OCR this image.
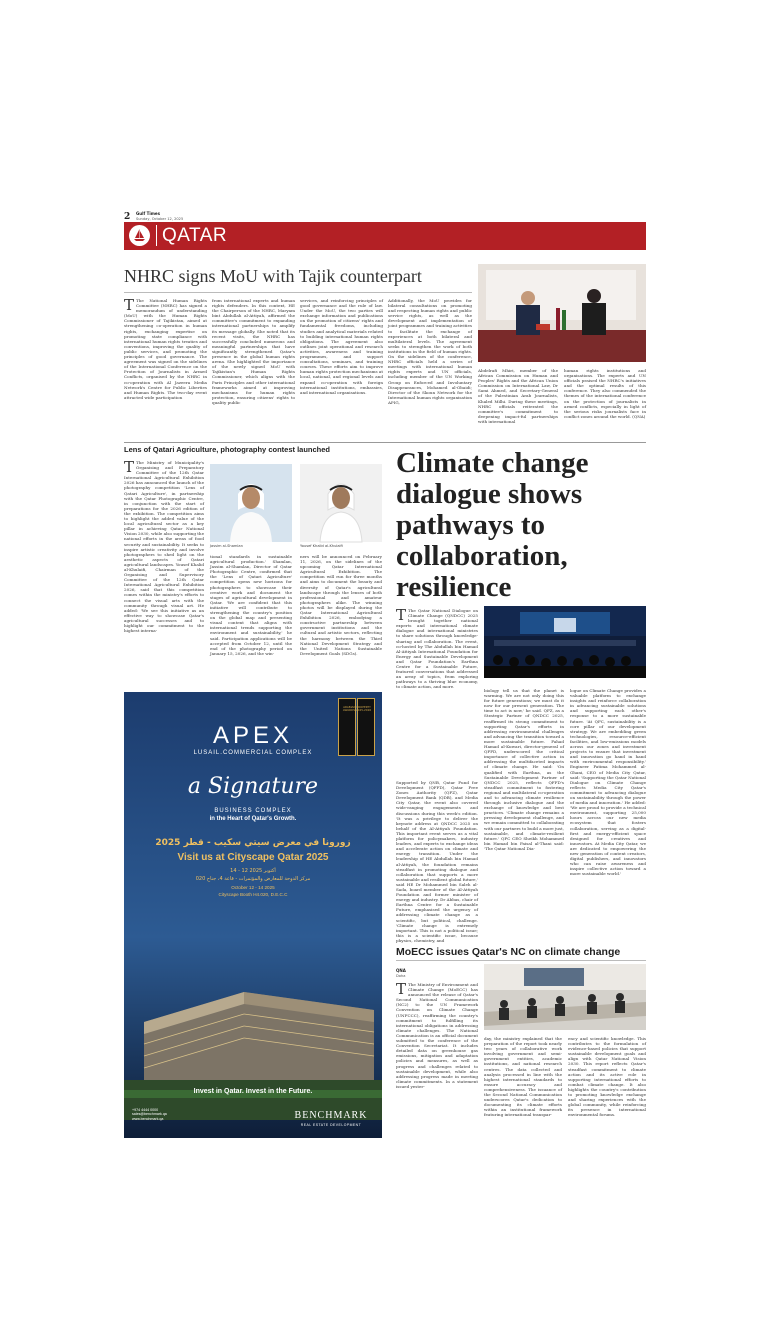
2 Gulf Times
Sunday, October 12, 2025
QATAR
NHRC signs MoU with Tajik counterpart
T The National Human Rights Committee (NHRC) has signed a memorandum of understanding (MoU) with the Human Rights Commissioner of Tajikistan, aimed at strengthening co-operation in human rights, exchanging expertise on promoting state compliance with international human rights treaties and conventions, improving the quality of public services, and promoting the principles of good governance. The agreement was signed on the sidelines of the International Conference on the Protection of Journalists in Armed Conflicts, organised by the NHRC in co-operation with Al Jazeera Media Network's Centre for Public Liberties and Human Rights. The two-day event attracted wide participation
from international experts and human rights defenders. In this context, HE the Chairperson of the NHRC, Maryam bint Abdullah al-Attiyah, affirmed the committee's commitment to expanding international partnerships to amplify its message globally. She noted that its recent visits, the NHRC has successfully concluded numerous and meaningful partnerships that have significantly strengthened Qatar's presence in the global human rights arena. She highlighted the importance of the newly signed MoU with Tajikistan's Human Rights Commissioner, which aligns with the Paris Principles and other international frameworks aimed at improving mechanisms for human rights protection, ensuring citizens' rights to quality public
services, and reinforcing principles of good governance and the rule of law. Under the MoU, the two parties will exchange information and publications on the promotion of citizens' rights and fundamental freedoms, including studies and analytical materials related to building international human rights obligations. The agreement also outlines joint operational and research activities, awareness and training programmes, and support consultations, seminars, and training courses. These efforts aim to improve human rights protection mechanisms at local, national, and regional levels and expand co-operation with foreign international institutions, embassies, and international organisations.
Additionally, the MoU provides for bilateral consultations on promoting and respecting human rights and public service rights, as well as the development and implementation of joint programmes and training activities to facilitate the exchange of experiences at both bilateral and multilateral levels. The agreement seeks to strengthen the work of both institutions in the field of human rights. On the sidelines of the conference, NHRC officials held a series of meetings with international human rights experts and UN officials, including member of the UN Working Group on Enforced and Involuntary Disappearances, Mohamed al-Obaidi; Director of the Skoun Network for the International human rights organisation APIG,
Abdelrafi Mhiri, member of the African Commission on Human and Peoples' Rights and the African Union Commission on International Law, Dr Sami Ahmed, and Secretary-General of the Palestinian Arab Journalists, Khaled Milhi. During these meetings, NHRC officials reiterated the committee's commitment to deepening impact-ful partnerships with international
human rights institutions and organisations. The experts and UN officials praised the NHRC's initiatives and the optimal results of this conference. They also commended the themes of the international conference on the protection of journalists in armed conflicts, especially in light of the serious risks journalists face in conflict zones around the world. (QNA)
Lens of Qatari Agriculture, photography contest launched
T The Ministry of Municipality's Organising and Preparatory Committee of the 12th Qatar International Agricultural Exhibition 2026 has announced the launch of the photography competition 'Lens of Qatari Agriculture', in partnership with the Qatar Photographic Centre, in conjunction with the start of preparations for the 2026 edition of the exhibition. The competition aims to highlight the added value of the local agricultural sector as a key pillar in achieving Qatar National Vision 2030, while also supporting the national efforts in the areas of food security and sustainability. It seeks to inspire artistic creativity and involve photographers to shed light on the aesthetic aspects of Qatari agricultural landscapes. Yousef Khalid al-Khulaifi, Chairman of the Organising and Supervisory Committee of the 12th Qatar International Agricultural Exhibition 2026, said that this competition comes within the ministry's efforts to connect the visual arts with the community through visual art. He added: 'We see this initiative as an effective way to showcase Qatar's agricultural successes and to highlight our commitment to the highest interna-
Jassim al-Shamlan	Yousef Khalid al-Khulaifi
tional standards in sustainable agricultural production.' Shamlan, Jassim al-Shamlan, Director of Qatar Photographic Centre, confirmed that the 'Lens of Qatari Agriculture' competition opens new horizons for photographers to showcase their creative work and document the stages of agricultural development in Qatar. 'We are confident that this initiative will contribute to strengthening the country's position on the global map and presenting visual content that aligns with international trends supporting the environment and sustainability,' he said. Participation applications will be accepted from October 12, until the end of the photography period on January 15, 2026, and the win-
ners will be announced on February 11, 2026, on the sidelines of the upcoming Qatar International Agricultural Exhibition. The competition will run for three months and aims to document the beauty and diversity of Qatar's agricultural landscape through the lenses of both professional and amateur photographers alike. The winning photos will be displayed during the Qatar International Agricultural Exhibition 2026, embodying a constructive partnership between government institutions and the cultural and artistic sectors, reflecting the harmony between the Third National Development Strategy and the United Nations Sustainable Development Goals (SDGs).
Climate change dialogue shows pathways to collaboration, resilience
T The Qatar National Dialogue on Climate Change (QNDCC) 2025 brought together national experts and international climate dialogue and international ministries to share solutions through knowledge-sharing and collaboration. The event, co-hosted by The Abdullah bin Hamad Al-Attiyah International Foundation for Energy and Sustainable Development and Qatar Foundation's Earthna Centre for a Sustainable Future, featured conversations that addressed an array of topics, from exploring pathways to a thriving blue economy, to climate action, and more.
Supported by QNB, Qatar Fund for Development (QFFD), Qatar Free Zones Authority (QFZ), Qatar Development Bank (QDB), and Media City Qatar, the event also covered wide-ranging engagements and discussions during this week's edition. 'It was a privilege to deliver the keynote address at QNDCC 2025 on behalf of the Al-Attiyah Foundation. This important event serves as a vital platform for policymakers, industry leaders, and experts to exchange ideas and accelerate action on climate and energy transition. Under the leadership of HE Abdullah bin Hamad al-Attiyah, the foundation remains steadfast in promoting dialogue and collaboration that supports a more sustainable and resilient global future,' said HE Dr Mohammed bin Saleh al-Sada, board member of the Al-Attiyah Foundation and former minister of energy and industry. Dr Abbas, chair of Earthna Centre for a Sustainable Future, emphasised the urgency of addressing climate change as a scientific, but political, challenge. 'Climate change is extremely important. This is not a political issue; this is a scientific issue, because physics, chemistry, and
biology tell us that the planet is warming. We are not only doing this for future generations; we must do it now for our present generation. The time to act is now,' he said. QFZ, as a Strategic Partner of QNDCC 2025, reaffirmed its strong commitment to supporting Qatar's efforts in addressing environmental challenges and advancing the transition toward a more sustainable future. Fahad Hamad al-Kuwari, director-general of QFFD, underscored the critical importance of collective action in addressing the multifaceted impacts of climate change. He said: 'On qualified with Earthna, as the Sustainable Development Partner of QNDCC 2025, reflects QFFD's steadfast commitment to fostering regional and multilateral co-operation and to advancing climate resilience through inclusive dialogue and the exchange of knowledge and best practices. 'Climate change remains a pressing development challenge, and we remain committed to collaborating with our partners to build a more just, sustainable, and climate-resilient future.' QFC CEO Sheikh Mohammed bin Hamad bin Faisal al-Thani said: 'The Qatar National Dia-
logue on Climate Change provides a valuable platform to exchange insights and reinforce collaboration in advancing sustainable solutions and supporting each other's response to a more sustainable future. 'At QFC, sustainability is a core pillar of our development strategy. We are embedding green technologies, resource-efficient facilities, and low-emissions models across our zones and investment projects to ensure that investment and innovation go hand in hand with environmental responsibility.' Engineer Fatima Mohammed al-Ghani, CEO of Media City Qatar, said: 'Supporting the Qatar National Dialogue on Climate Change reflects Media City Qatar's commitment to advancing dialogue on sustainability through the power of media and innovation.' He added: 'We are proud to provide a technical environment, supporting 25,000 hours across our new media ecosystem that fosters collaboration, serving as a digital-first and energy-efficient space designed for creatives and innovators. At Media City Qatar, we are dedicated to empowering the new generation of content creators, digital publishers, and innovators who can raise awareness and inspire collective action toward a more sustainable world.'
ARABIAN PROPERTY AWARDS 2025-2026
APEX
LUSAIL.COMMERCIAL COMPLEX
a Signature
BUSINESS COMPLEX
in the Heart of Qatar's Growth.
زورونا في معرض سيتي سكيب - قطر 2025
Visit us at Cityscape Qatar 2025
14 - 12 أكتوبر 2025
مركز الدوحة للمعارض والمؤتمرات - قاعة 4، جناح 020
October 12 - 14 2025
Cityscape Booth H4.020, D.E.C.C
Invest in Qatar. Invest in the Future.
+974 4444 0000
sales@benchmark.qa
www.benchmark.qa	BENCHMARK
REAL ESTATE DEVELOPMENT
MoECC issues Qatar's NC on climate change
QNA
Doha
T The Ministry of Environment and Climate Change (MoECC) has announced the release of Qatar's Second National Communication (NC2) to the UN Framework Convention on Climate Change (UNFCCC), reaffirming the country's commitment to fulfilling its international obligations in addressing climate challenges. The National Communication is an official document submitted to the conference of the Convention Secretariat. It includes detailed data on greenhouse gas emissions, mitigation and adaptation policies and measures, as well as progress and challenges related to sustainable development, while also addressing progress made in meeting climate commitments. In a statement issued yester-
day, the ministry explained that the preparation of the report took nearly two years of collaborative work involving government and semi-government entities, academic institutions, and national research centres. The data collected and analysis processed in line with the highest international standards to ensure accuracy and comprehensiveness. The issuance of the Second National Communication underscores Qatar's dedication to documenting its climate efforts within an institutional framework featuring international transpar-
ency and scientific knowledge. This contributes to the formulation of evidence-based policies that support sustainable development goals and align with Qatar National Vision 2030. This report reflects Qatar's steadfast commitment to climate action and its active role in supporting international efforts to combat climate change. It also highlights the country's contribution to promoting knowledge exchange and sharing experiences with the global community, while reinforcing its presence in international environmental forums.
